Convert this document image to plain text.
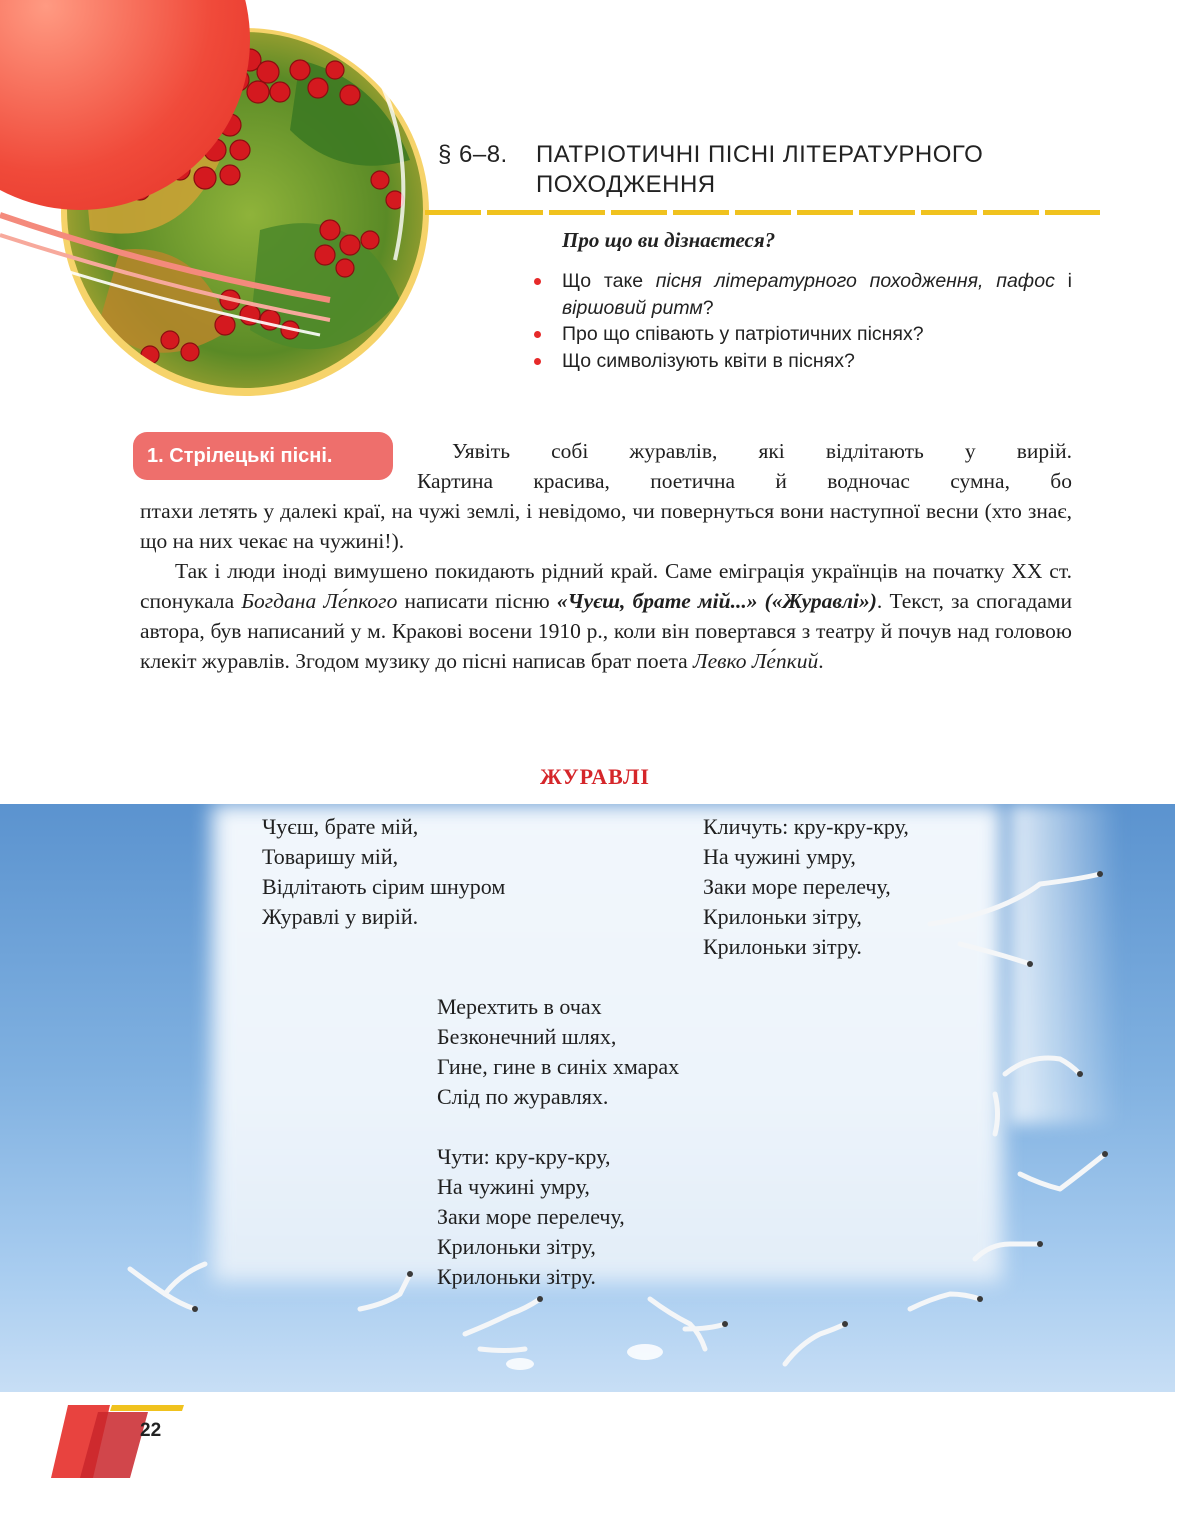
§ 6–8. ПАТРІОТИЧНІ ПІСНІ ЛІТЕРАТУРНОГО ПОХОДЖЕННЯ
Про що ви дізнаєтеся?
Що таке пісня літературного походження, пафос і віршовий ритм?
Про що співають у патріотичних піснях?
Що символізують квіти в піснях?
1. Стрілецькі пісні.	Уявіть собі журавлів, які відлітають у вирій.
Картина красива, поетична й водночас сумна, бо
птахи летять у далекі краї, на чужі землі, і невідомо, чи повернуться вони наступної весни (хто знає, що на них чекає на чужині!).
Так і люди іноді вимушено покидають рідний край. Саме еміграція українців на початку ХХ ст. спонукала Богдана Ле́пкого написати пісню «Чуєш, брате мій...» («Журавлі»). Текст, за спогадами автора, був написаний у м. Кракові восени 1910 р., коли він повертався з театру й почув над головою клекіт журавлів. Згодом музику до пісні написав брат поета Левко Ле́пкий.
ЖУРАВЛІ
Чуєш, брате мій,
Товаришу мій,
Відлітають сірим шнуром
Журавлі у вирій.
Кличуть: кру-кру-кру,
На чужині умру,
Заки море перелечу,
Крилоньки зітру,
Крилоньки зітру.
Мерехтить в очах
Безконечний шлях,
Гине, гине в синіх хмарах
Слід по журавлях.
Чути: кру-кру-кру,
На чужині умру,
Заки море перелечу,
Крилоньки зітру,
Крилоньки зітру.
22
